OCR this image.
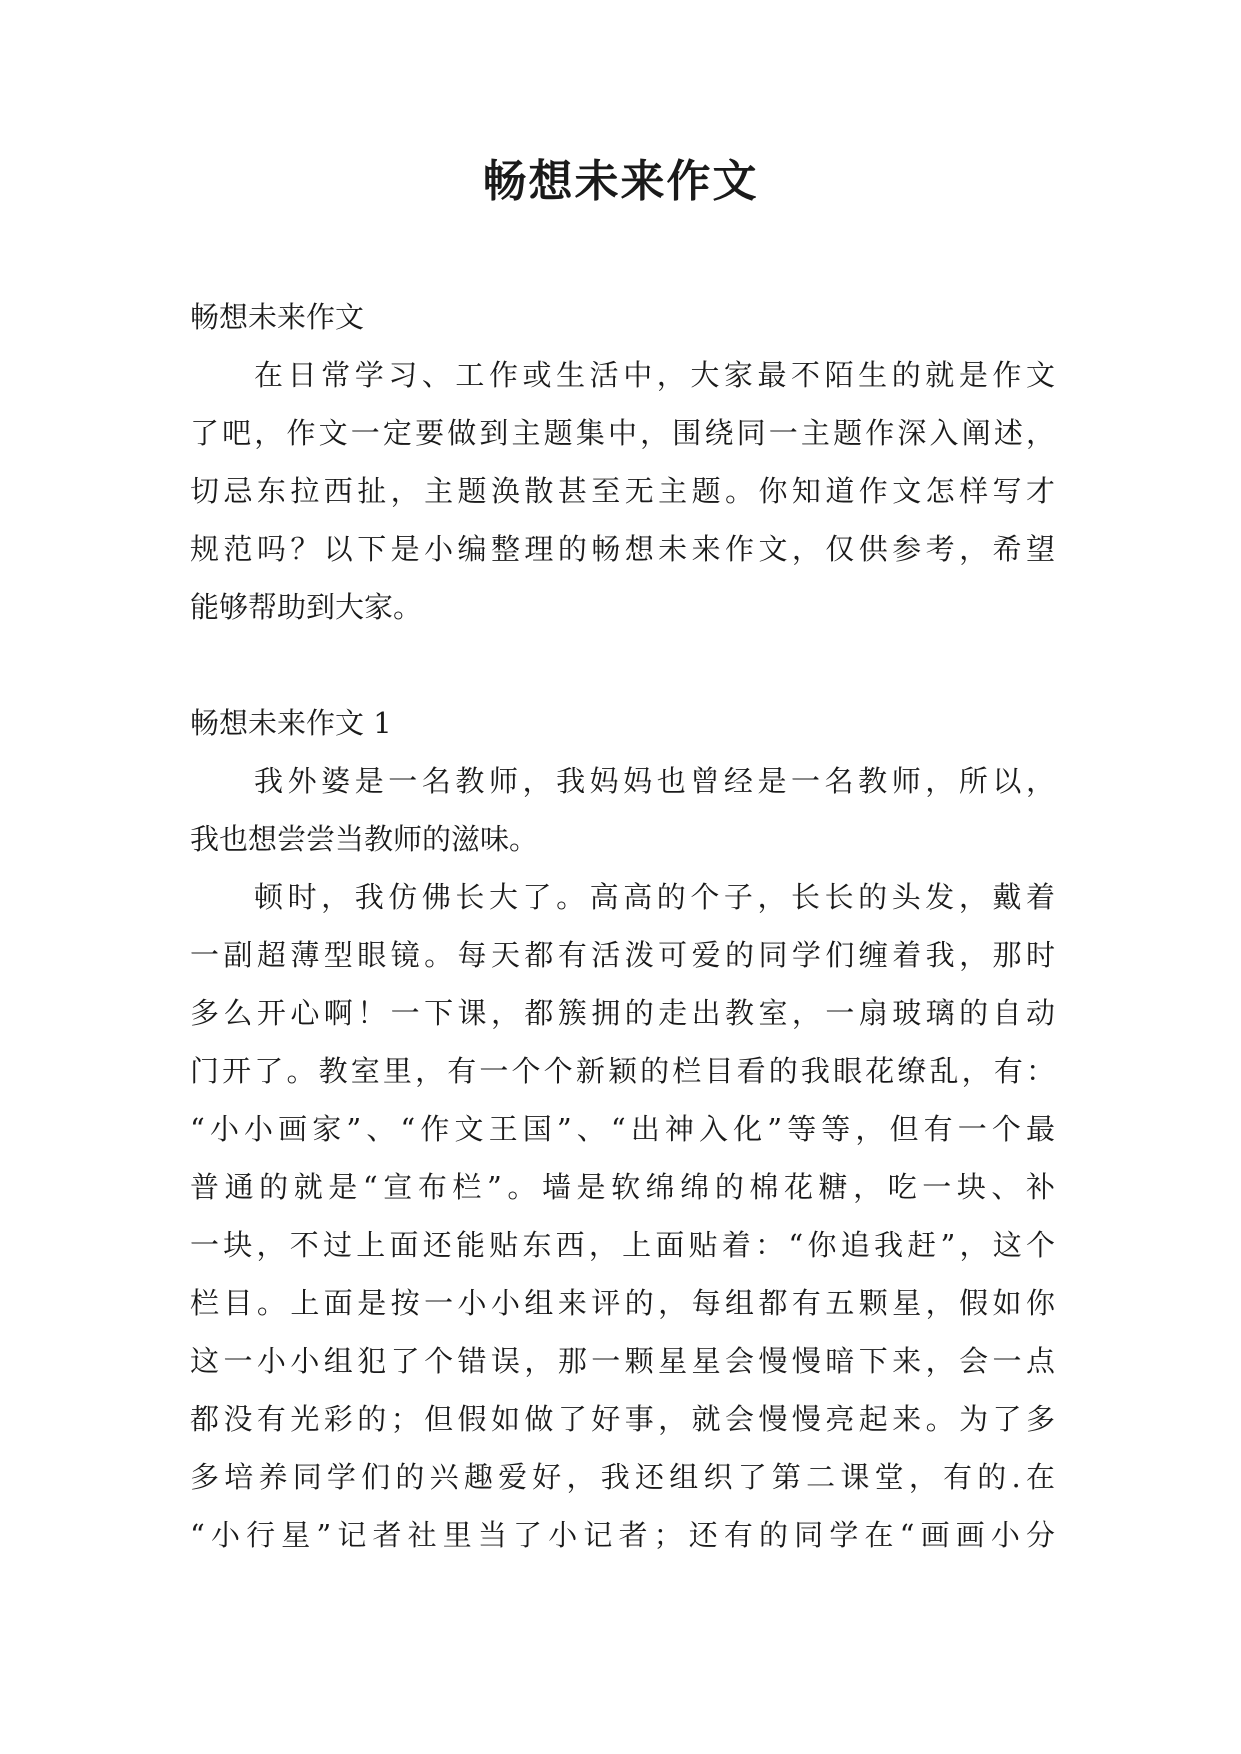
畅想未来作文
畅想未来作文
在日常学习、工作或生活中，大家最不陌生的就是作文
了吧，作文一定要做到主题集中，围绕同一主题作深入阐述，
切忌东拉西扯，主题涣散甚至无主题。你知道作文怎样写才
规范吗？以下是小编整理的畅想未来作文，仅供参考，希望
能够帮助到大家。
畅想未来作文 1
我外婆是一名教师，我妈妈也曾经是一名教师，所以，
我也想尝尝当教师的滋味。
顿时，我仿佛长大了。高高的个子，长长的头发，戴着
一副超薄型眼镜。每天都有活泼可爱的同学们缠着我，那时
多么开心啊！一下课，都簇拥的走出教室，一扇玻璃的自动
门开了。教室里，有一个个新颖的栏目看的我眼花缭乱，有：
“小小画家”、“作文王国”、“出神入化”等等，但有一个最
普通的就是“宣布栏”。墙是软绵绵的棉花糖，吃一块、补
一块，不过上面还能贴东西，上面贴着：“你追我赶”，这个
栏目。上面是按一小小组来评的，每组都有五颗星，假如你
这一小小组犯了个错误，那一颗星星会慢慢暗下来，会一点
都没有光彩的；但假如做了好事，就会慢慢亮起来。为了多
多培养同学们的兴趣爱好，我还组织了第二课堂，有的.在
“小行星”记者社里当了小记者；还有的同学在“画画小分
